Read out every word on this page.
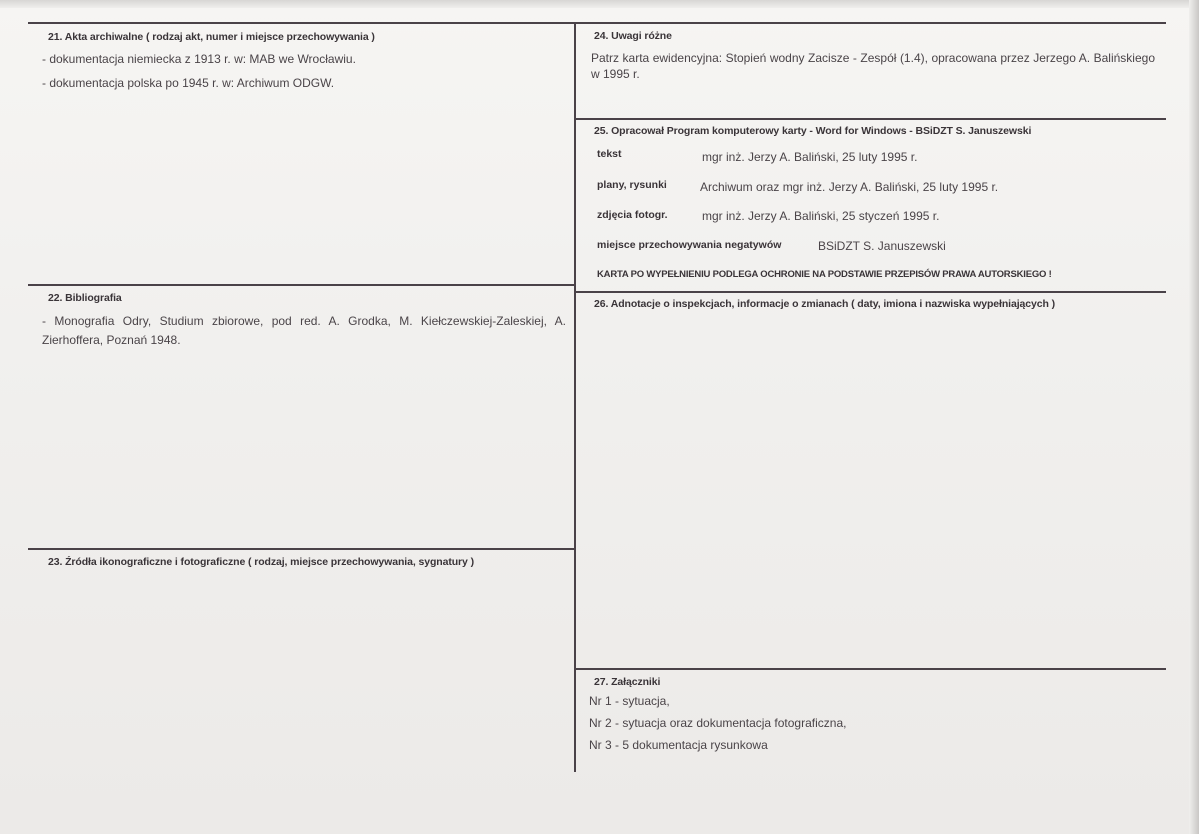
21. Akta archiwalne ( rodzaj akt, numer i miejsce przechowywania )
- dokumentacja niemiecka z 1913 r. w: MAB we Wrocławiu.
- dokumentacja polska po 1945 r. w: Archiwum ODGW.
22. Bibliografia
- Monografia Odry, Studium zbiorowe, pod red. A. Grodka, M. Kiełczewskiej-Zaleskiej, A. Zierhoffera, Poznań 1948.
23. Źródła ikonograficzne i fotograficzne ( rodzaj, miejsce przechowywania, sygnatury )
24. Uwagi różne
Patrz karta ewidencyjna: Stopień wodny Zacisze - Zespół (1.4), opracowana przez Jerzego A. Balińskiego w 1995 r.
25. Opracował Program komputerowy karty - Word for Windows - BSiDZT S. Januszewski
tekst	mgr inż. Jerzy A. Baliński, 25 luty 1995 r.
plany, rysunki	Archiwum oraz mgr inż. Jerzy A. Baliński, 25 luty 1995 r.
zdjęcia fotogr.	mgr inż. Jerzy A. Baliński, 25 styczeń 1995 r.
miejsce przechowywania negatywów	BSiDZT S. Januszewski
KARTA PO WYPEŁNIENIU PODLEGA OCHRONIE NA PODSTAWIE PRZEPISÓW PRAWA AUTORSKIEGO !
26. Adnotacje o inspekcjach, informacje o zmianach ( daty, imiona i nazwiska wypełniających )
27. Załączniki
Nr 1 - sytuacja,
Nr 2 - sytuacja oraz dokumentacja fotograficzna,
Nr 3 - 5 dokumentacja rysunkowa
